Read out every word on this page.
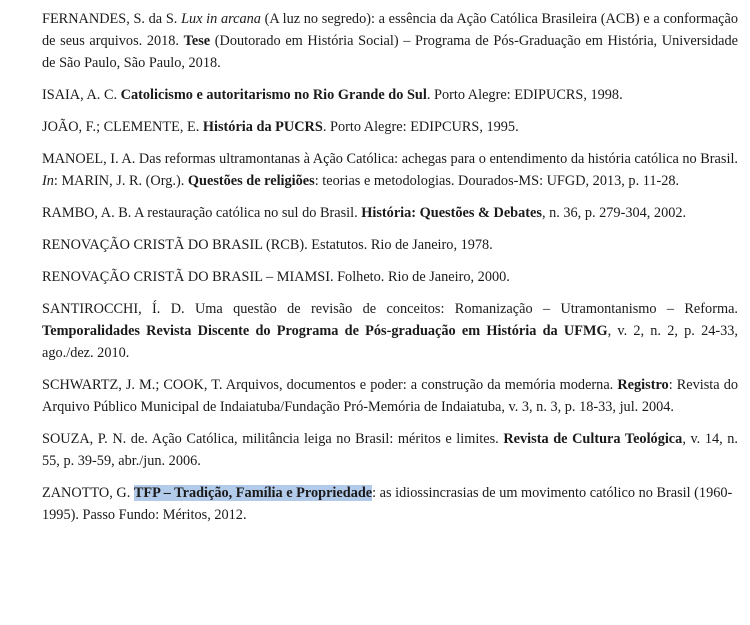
FERNANDES, S. da S. Lux in arcana (A luz no segredo): a essência da Ação Católica Brasileira (ACB) e a conformação de seus arquivos. 2018. Tese (Doutorado em História Social) – Programa de Pós-Graduação em História, Universidade de São Paulo, São Paulo, 2018.

ISAIA, A. C. Catolicismo e autoritarismo no Rio Grande do Sul. Porto Alegre: EDIPUCRS, 1998.

JOÃO, F.; CLEMENTE, E. História da PUCRS. Porto Alegre: EDIPCURS, 1995.

MANOEL, I. A. Das reformas ultramontanas à Ação Católica: achegas para o entendimento da história católica no Brasil. In: MARIN, J. R. (Org.). Questões de religiões: teorias e metodologias. Dourados-MS: UFGD, 2013, p. 11-28.

RAMBO, A. B. A restauração católica no sul do Brasil. História: Questões & Debates, n. 36, p. 279-304, 2002.

RENOVAÇÃO CRISTÃ DO BRASIL (RCB). Estatutos. Rio de Janeiro, 1978.

RENOVAÇÃO CRISTÃ DO BRASIL – MIAMSI. Folheto. Rio de Janeiro, 2000.

SANTIROCCHI, Í. D. Uma questão de revisão de conceitos: Romanização – Utramontanismo – Reforma. Temporalidades Revista Discente do Programa de Pós-graduação em História da UFMG, v. 2, n. 2, p. 24-33, ago./dez. 2010.

SCHWARTZ, J. M.; COOK, T. Arquivos, documentos e poder: a construção da memória moderna. Registro: Revista do Arquivo Público Municipal de Indaiatuba/Fundação Pró-Memória de Indaiatuba, v. 3, n. 3, p. 18-33, jul. 2004.

SOUZA, P. N. de. Ação Católica, militância leiga no Brasil: méritos e limites. Revista de Cultura Teológica, v. 14, n. 55, p. 39-59, abr./jun. 2006.

ZANOTTO, G. TFP – Tradição, Família e Propriedade: as idiossincrasias de um movimento católico no Brasil (1960-1995). Passo Fundo: Méritos, 2012.
